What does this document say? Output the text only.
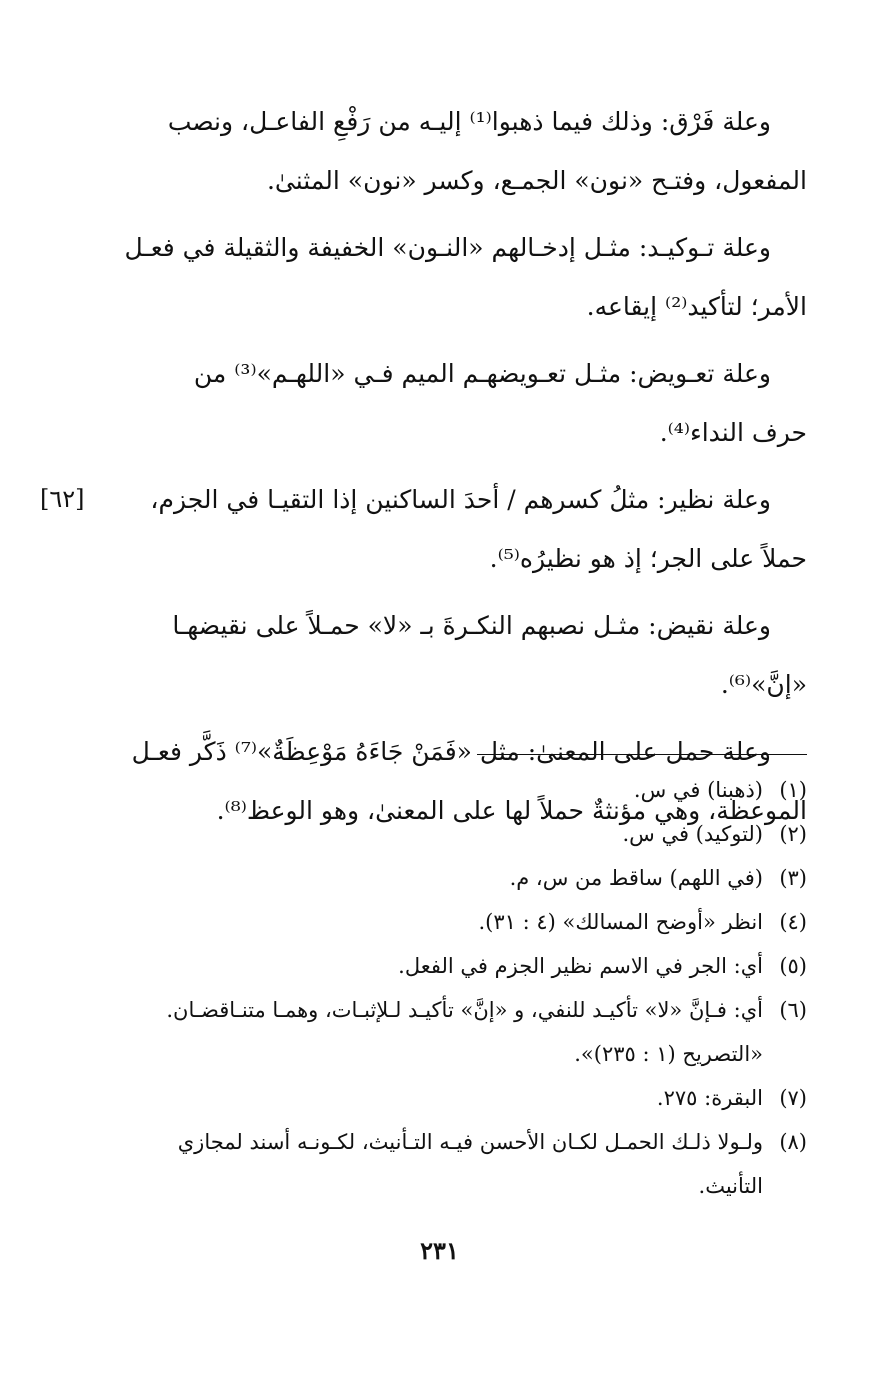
وعلة فَرْق: وذلك فيما ذهبوا⁽¹⁾ إليـه من رَفْعِ الفاعـل، ونصب
المفعول، وفتـح «نون» الجمـع، وكسر «نون» المثنىٰ.
وعلة تـوكيـد: مثـل إدخـالهم «النـون» الخفيفة والثقيلة في فعـل
الأمر؛ لتأكيد⁽²⁾ إيقاعه.
وعلة تعـويض: مثـل تعـويضهـم الميم فـي «اللهـم»⁽³⁾ من
حرف النداء⁽⁴⁾.
[٦٢]	وعلة نظير: مثلُ كسرهم / أحدَ الساكنين إذا التقيـا في الجزم،
حملاً على الجر؛ إذ هو نظيرُه⁽⁵⁾.
وعلة نقيض: مثـل نصبهم النكـرةَ بـ «لا» حمـلاً على نقيضهـا
«إنَّ»⁽⁶⁾.
وعلة حمل على المعنىٰ: مثل «فَمَنْ جَاءَهُ مَوْعِظَةٌ»⁽⁷⁾ ذَكَّر فعـل
الموعظة، وهي مؤنثةٌ حملاً لها على المعنىٰ، وهو الوعظ⁽⁸⁾.
(١)
(ذهبنا) في س.
(٢)
(لتوكيد) في س.
(٣)
(في اللهم) ساقط من س، م.
(٤)
انظر «أوضح المسالك» (٤ : ٣١).
(٥)
أي: الجر في الاسم نظير الجزم في الفعل.
(٦)
أي: فـإنَّ «لا» تأكيـد للنفي، و «إنَّ» تأكيـد لـلإثبـات، وهمـا متنـاقضـان.
«التصريح (١ : ٢٣٥)».
(٧)
البقرة: ٢٧٥.
(٨)
ولـولا ذلـك الحمـل لكـان الأحسن فيـه التـأنيث، لكـونـه أسند لمجازي
التأنيث.
٢٣١
